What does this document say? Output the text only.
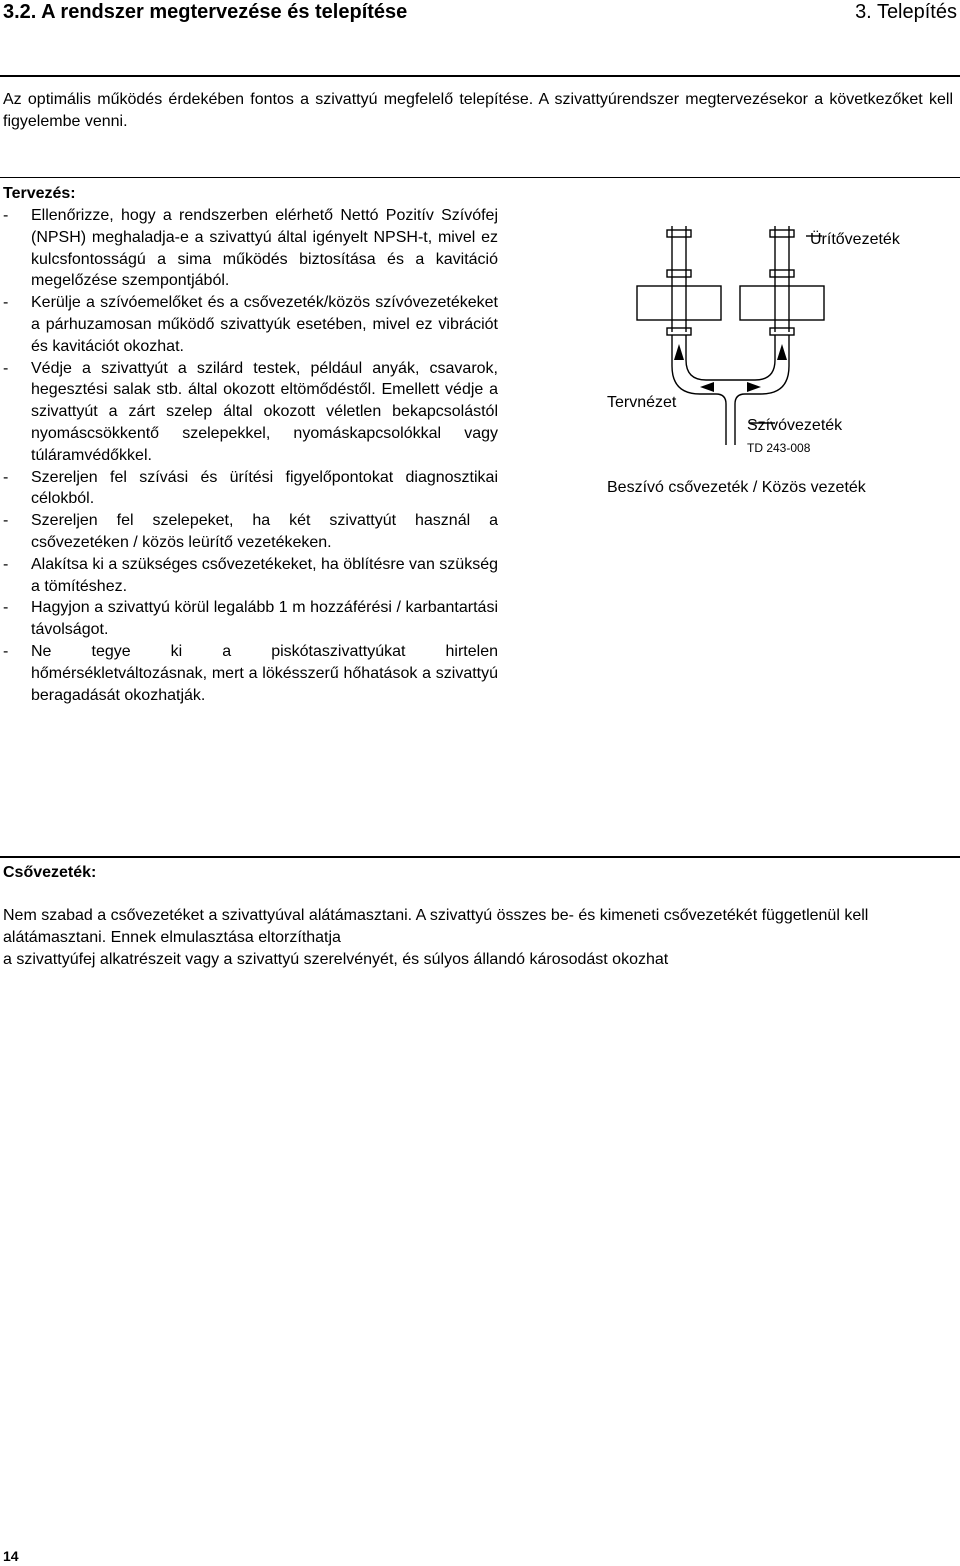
3.2. A rendszer megtervezése és telepítése	3. Telepítés
Az optimális működés érdekében fontos a szivattyú megfelelő telepítése. A szivattyúrendszer megtervezésekor a következőket kell figyelembe venni.
Tervezés:
- Ellenőrizze, hogy a rendszerben elérhető Nettó Pozitív Szívófej (NPSH) meghaladja-e a szivattyú által igényelt NPSH-t, mivel ez kulcsfontosságú a sima működés biztosítása és a kavitáció megelőzése szempontjából.
- Kerülje a szívóemelőket és a csővezeték/közös szívóvezetékeket a párhuzamosan működő szivattyúk esetében, mivel ez vibrációt és kavitációt okozhat.
- Védje a szivattyút a szilárd testek, például anyák, csavarok, hegesztési salak stb. által okozott eltömődéstől. Emellett védje a szivattyút a zárt szelep által okozott véletlen bekapcsolástól nyomáscsökkentő szelepekkel, nyomáskapcsolókkal vagy túláramvédőkkel.
- Szereljen fel szívási és ürítési figyelőpontokat diagnosztikai célokból.
- Szereljen fel szelepeket, ha két szivattyút használ a csővezetéken / közös leürítő vezetékeken.
- Alakítsa ki a szükséges csővezetékeket, ha öblítésre van szükség a tömítéshez.
- Hagyjon a szivattyú körül legalább 1 m hozzáférési / karbantartási távolságot.
- Ne tegye ki a piskótaszivattyúkat hirtelen hőmérsékletváltozásnak, mert a lökésszerű hőhatások a szivattyú beragadását okozhatják.
Ürítővezeték
Tervnézet
Szívóvezeték
TD 243-008
Beszívó csővezeték / Közös vezeték
Csővezeték:

Nem szabad a csővezetéket a szivattyúval alátámasztani. A szivattyú összes be- és kimeneti csővezetékét függetlenül kell alátámasztani. Ennek elmulasztása eltorzíthatja

a szivattyúfej alkatrészeit vagy a szivattyú szerelvényét, és súlyos állandó károsodást okozhat

14
